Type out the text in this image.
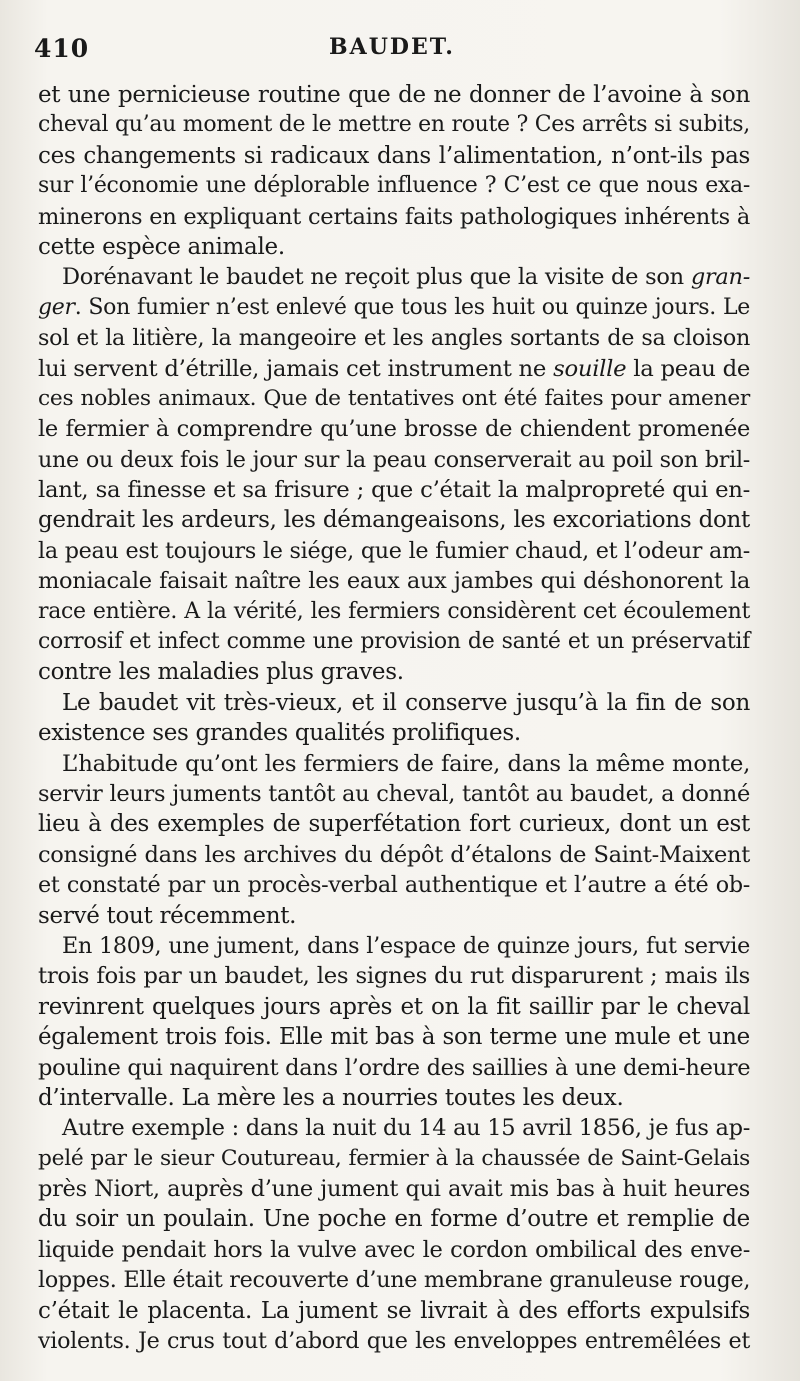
410	BAUDET.
et une pernicieuse routine que de ne donner de l’avoine à son
cheval qu’au moment de le mettre en route ? Ces arrêts si subits,
ces changements si radicaux dans l’alimentation, n’ont-ils pas
sur l’économie une déplorable influence ? C’est ce que nous exa-
minerons en expliquant certains faits pathologiques inhérents à
cette espèce animale.
Dorénavant le baudet ne reçoit plus que la visite de son gran-
ger. Son fumier n’est enlevé que tous les huit ou quinze jours. Le
sol et la litière, la mangeoire et les angles sortants de sa cloison
lui servent d’étrille, jamais cet instrument ne souille la peau de
ces nobles animaux. Que de tentatives ont été faites pour amener
le fermier à comprendre qu’une brosse de chiendent promenée
une ou deux fois le jour sur la peau conserverait au poil son bril-
lant, sa finesse et sa frisure ; que c’était la malpropreté qui en-
gendrait les ardeurs, les démangeaisons, les excoriations dont
la peau est toujours le siége, que le fumier chaud, et l’odeur am-
moniacale faisait naître les eaux aux jambes qui déshonorent la
race entière. A la vérité, les fermiers considèrent cet écoulement
corrosif et infect comme une provision de santé et un préservatif
contre les maladies plus graves.
Le baudet vit très-vieux, et il conserve jusqu’à la fin de son
existence ses grandes qualités prolifiques.
L’habitude qu’ont les fermiers de faire, dans la même monte,
servir leurs juments tantôt au cheval, tantôt au baudet, a donné
lieu à des exemples de superfétation fort curieux, dont un est
consigné dans les archives du dépôt d’étalons de Saint-Maixent
et constaté par un procès-verbal authentique et l’autre a été ob-
servé tout récemment.
En 1809, une jument, dans l’espace de quinze jours, fut servie
trois fois par un baudet, les signes du rut disparurent ; mais ils
revinrent quelques jours après et on la fit saillir par le cheval
également trois fois. Elle mit bas à son terme une mule et une
pouline qui naquirent dans l’ordre des saillies à une demi-heure
d’intervalle. La mère les a nourries toutes les deux.
Autre exemple : dans la nuit du 14 au 15 avril 1856, je fus ap-
pelé par le sieur Coutureau, fermier à la chaussée de Saint-Gelais
près Niort, auprès d’une jument qui avait mis bas à huit heures
du soir un poulain. Une poche en forme d’outre et remplie de
liquide pendait hors la vulve avec le cordon ombilical des enve-
loppes. Elle était recouverte d’une membrane granuleuse rouge,
c’était le placenta. La jument se livrait à des efforts expulsifs
violents. Je crus tout d’abord que les enveloppes entremêlées et
